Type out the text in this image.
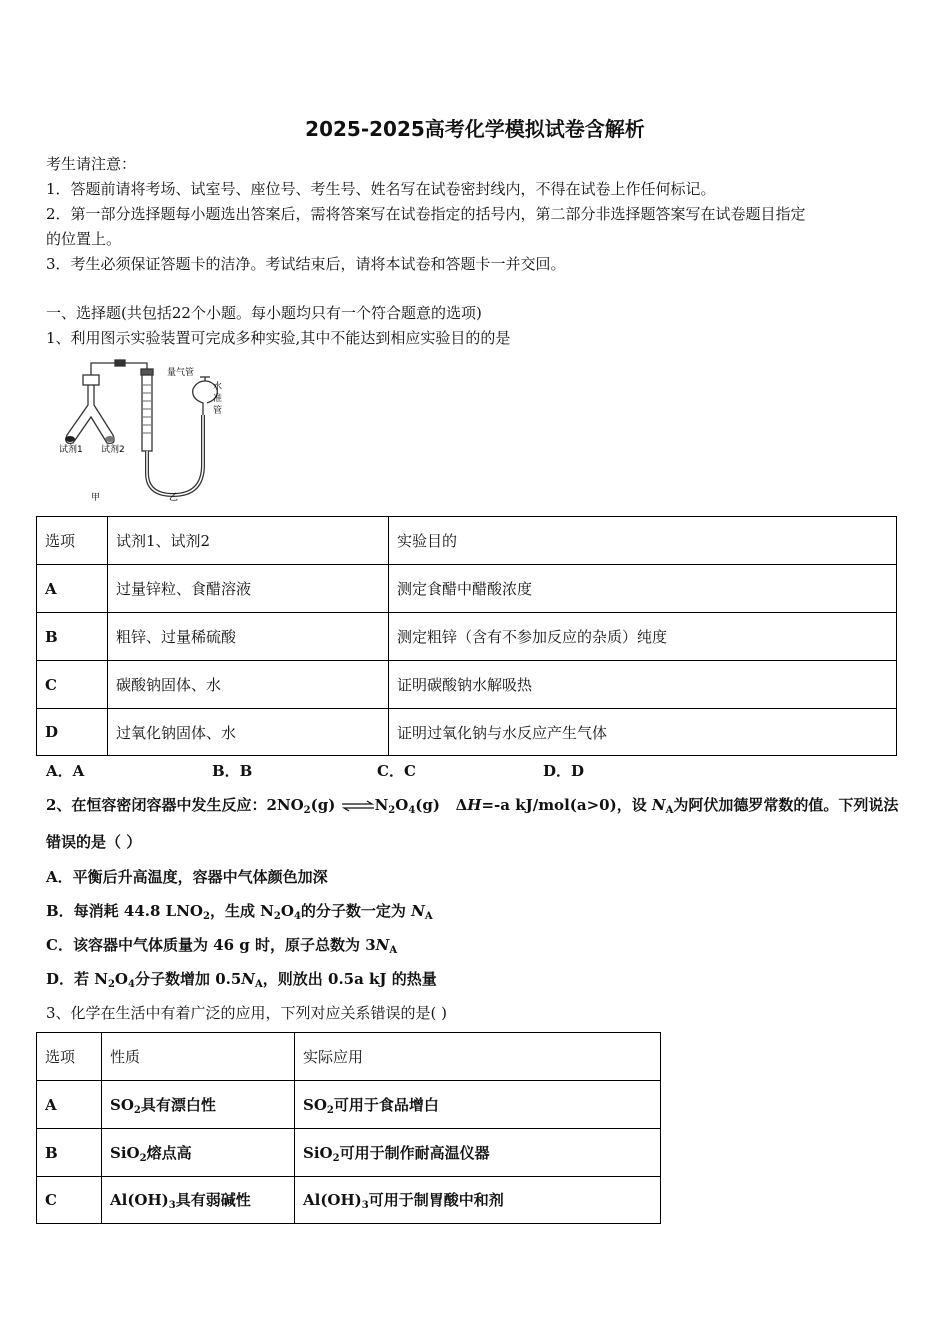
2025-2025高考化学模拟试卷含解析
考生请注意：
1．答题前请将考场、试室号、座位号、考生号、姓名写在试卷密封线内，不得在试卷上作任何标记。
2．第一部分选择题每小题选出答案后，需将答案写在试卷指定的括号内，第二部分非选择题答案写在试卷题目指定
的位置上。
3．考生必须保证答题卡的洁净。考试结束后，请将本试卷和答题卡一并交回。
一、选择题(共包括22个小题。每小题均只有一个符合题意的选项)
1、利用图示实验装置可完成多种实验,其中不能达到相应实验目的的是
量气管
水
准
管
试剂1 试剂2
甲	乙
选项	试剂1、试剂2	实验目的
A	过量锌粒、食醋溶液	测定食醋中醋酸浓度
B	粗锌、过量稀硫酸	测定粗锌（含有不参加反应的杂质）纯度
C	碳酸钠固体、水	证明碳酸钠水解吸热
D	过氧化钠固体、水	证明过氧化钠与水反应产生气体
A．A	B．B	C．C	D．D
2、在恒容密闭容器中发生反应：$2NO_2(g)$ $\rightleftharpoons N_2O_4(g)$ ΔH=-a kJ/mol(a>0)，设 $N_A$为阿伏加德罗常数的值。下列说法
错误的是（ ）
A．平衡后升高温度，容器中气体颜色加深
B．每消耗 44.8 $LNO_2$，生成 $N_2O_4$的分子数一定为 $N_A$
C．该容器中气体质量为 46 g 时，原子总数为 $3N_A$
D．若 $N_2O_4$分子数增加 $0.5N_A$，则放出 0.5a kJ 的热量
3、化学在生活中有着广泛的应用，下列对应关系错误的是( )
选项	性质	实际应用
A	$SO_2$具有漂白性	$SO_2$可用于食品增白
B	SiO$_2$熔点高	SiO$_2$可用于制作耐高温仪器
C	$Al(OH)_3$具有弱碱性	$Al(OH)_3$可用于制胃酸中和剂
